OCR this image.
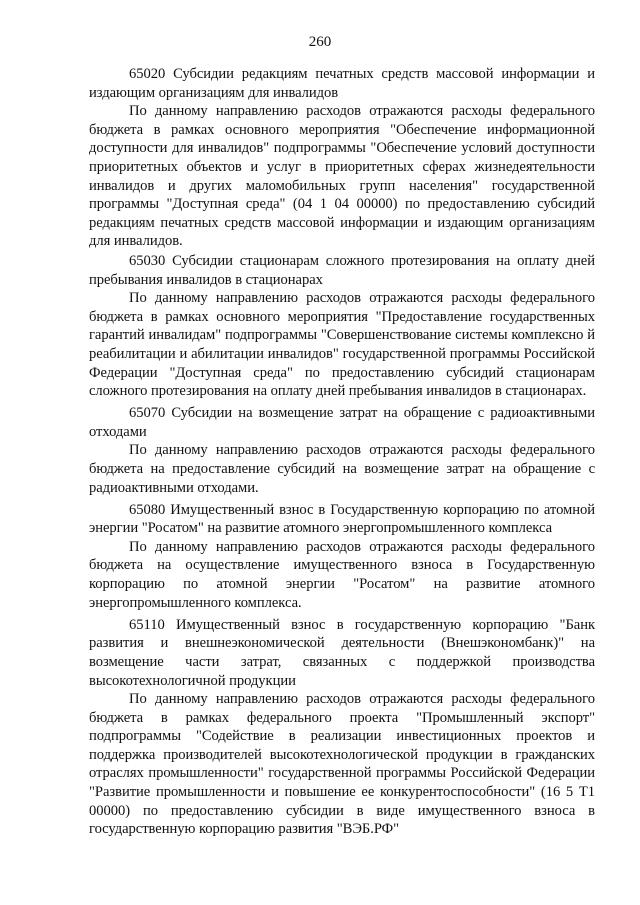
260

65020 Субсидии редакциям печатных средств массовой информации и издающим организациям для инвалидов

По данному направлению расходов отражаются расходы федерального бюджета в рамках основного мероприятия "Обеспечение информационной доступности для инвалидов" подпрограммы "Обеспечение условий доступности приоритетных объектов и услуг в приоритетных сферах жизнедеятельности инвалидов и других маломобильных групп населения" государственной программы "Доступная среда" (04 1 04 00000) по предоставлению субсидий редакциям печатных средств массовой информации и издающим организациям для инвалидов.

65030 Субсидии стационарам сложного протезирования на оплату дней пребывания инвалидов в стационарах

По данному направлению расходов отражаются расходы федерального бюджета в рамках основного мероприятия "Предоставление государственных гарантий инвалидам" подпрограммы "Совершенствование системы комплексно й реабилитации и абилитации инвалидов" государственной программы Российской Федерации "Доступная среда" по предоставлению субсидий стационарам сложного протезирования на оплату дней пребывания инвалидов в стационарах.

65070 Субсидии на возмещение затрат на обращение с радиоактивными отходами

По данному направлению расходов отражаются расходы федерального бюджета на предоставление субсидий на возмещение затрат на обращение с радиоактивными отходами.

65080 Имущественный взнос в Государственную корпорацию по атомной энергии "Росатом" на развитие атомного энергопромышленного комплекса

По данному направлению расходов отражаются расходы федерального бюджета на осуществление имущественного взноса в Государственную корпорацию по атомной энергии "Росатом" на развитие атомного энергопромышленного комплекса.

65110 Имущественный взнос в государственную корпорацию "Банк развития и внешнеэкономической деятельности (Внешэкономбанк)" на возмещение части затрат, связанных с поддержкой производства высокотехнологичной продукции

По данному направлению расходов отражаются расходы федерального бюджета в рамках федерального проекта "Промышленный экспорт" подпрограммы "Содействие в реализации инвестиционных проектов и поддержка производителей высокотехнологической продукции в гражданских отраслях промышленности" государственной программы Российской Федерации "Развитие промышленности и повышение ее конкурентоспособности" (16 5 T1 00000) по предоставлению субсидии в виде имущественного взноса в государственную корпорацию развития "ВЭБ.РФ"
